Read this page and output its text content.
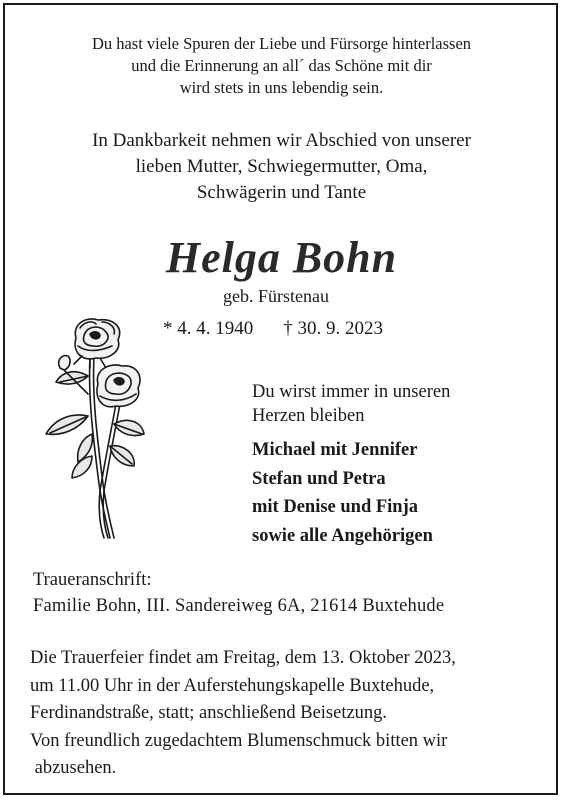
Du hast viele Spuren der Liebe und Fürsorge hinterlassen
und die Erinnerung an all´ das Schöne mit dir
wird stets in uns lebendig sein.
In Dankbarkeit nehmen wir Abschied von unserer
lieben Mutter, Schwiegermutter, Oma,
Schwägerin und Tante
Helga Bohn
geb. Fürstenau
* 4. 4. 1940 † 30. 9. 2023
Du wirst immer in unseren
Herzen bleiben
Michael mit Jennifer
Stefan und Petra
mit Denise und Finja
sowie alle Angehörigen
Traueranschrift:
Familie Bohn, III. Sandereiweg 6A, 21614 Buxtehude
Die Trauerfeier findet am Freitag, dem 13. Oktober 2023,
um 11.00 Uhr in der Auferstehungskapelle Buxtehude,
Ferdinandstraße, statt; anschließend Beisetzung.
Von freundlich zugedachtem Blumenschmuck bitten wir
abzusehen.
